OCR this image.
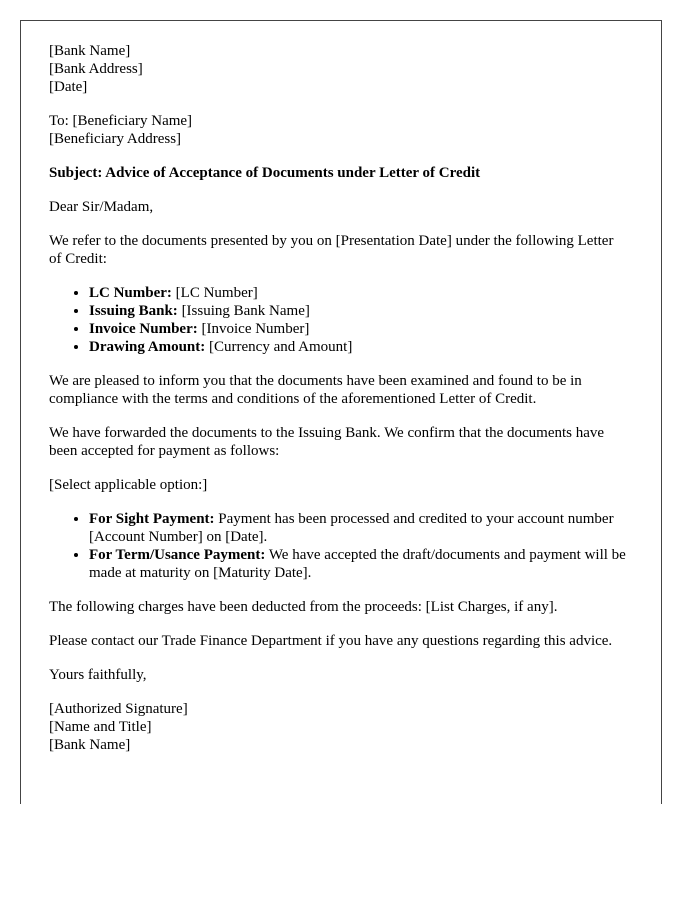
[Bank Name]
[Bank Address]
[Date]

To: [Beneficiary Name]
[Beneficiary Address]

Subject: Advice of Acceptance of Documents under Letter of Credit

Dear Sir/Madam,

We refer to the documents presented by you on [Presentation Date] under the following Letter of Credit:

• LC Number: [LC Number]
• Issuing Bank: [Issuing Bank Name]
• Invoice Number: [Invoice Number]
• Drawing Amount: [Currency and Amount]

We are pleased to inform you that the documents have been examined and found to be in compliance with the terms and conditions of the aforementioned Letter of Credit.

We have forwarded the documents to the Issuing Bank. We confirm that the documents have been accepted for payment as follows:

[Select applicable option:]

• For Sight Payment: Payment has been processed and credited to your account number [Account Number] on [Date].
• For Term/Usance Payment: We have accepted the draft/documents and payment will be made at maturity on [Maturity Date].

The following charges have been deducted from the proceeds: [List Charges, if any].

Please contact our Trade Finance Department if you have any questions regarding this advice.

Yours faithfully,

[Authorized Signature]
[Name and Title]
[Bank Name]
